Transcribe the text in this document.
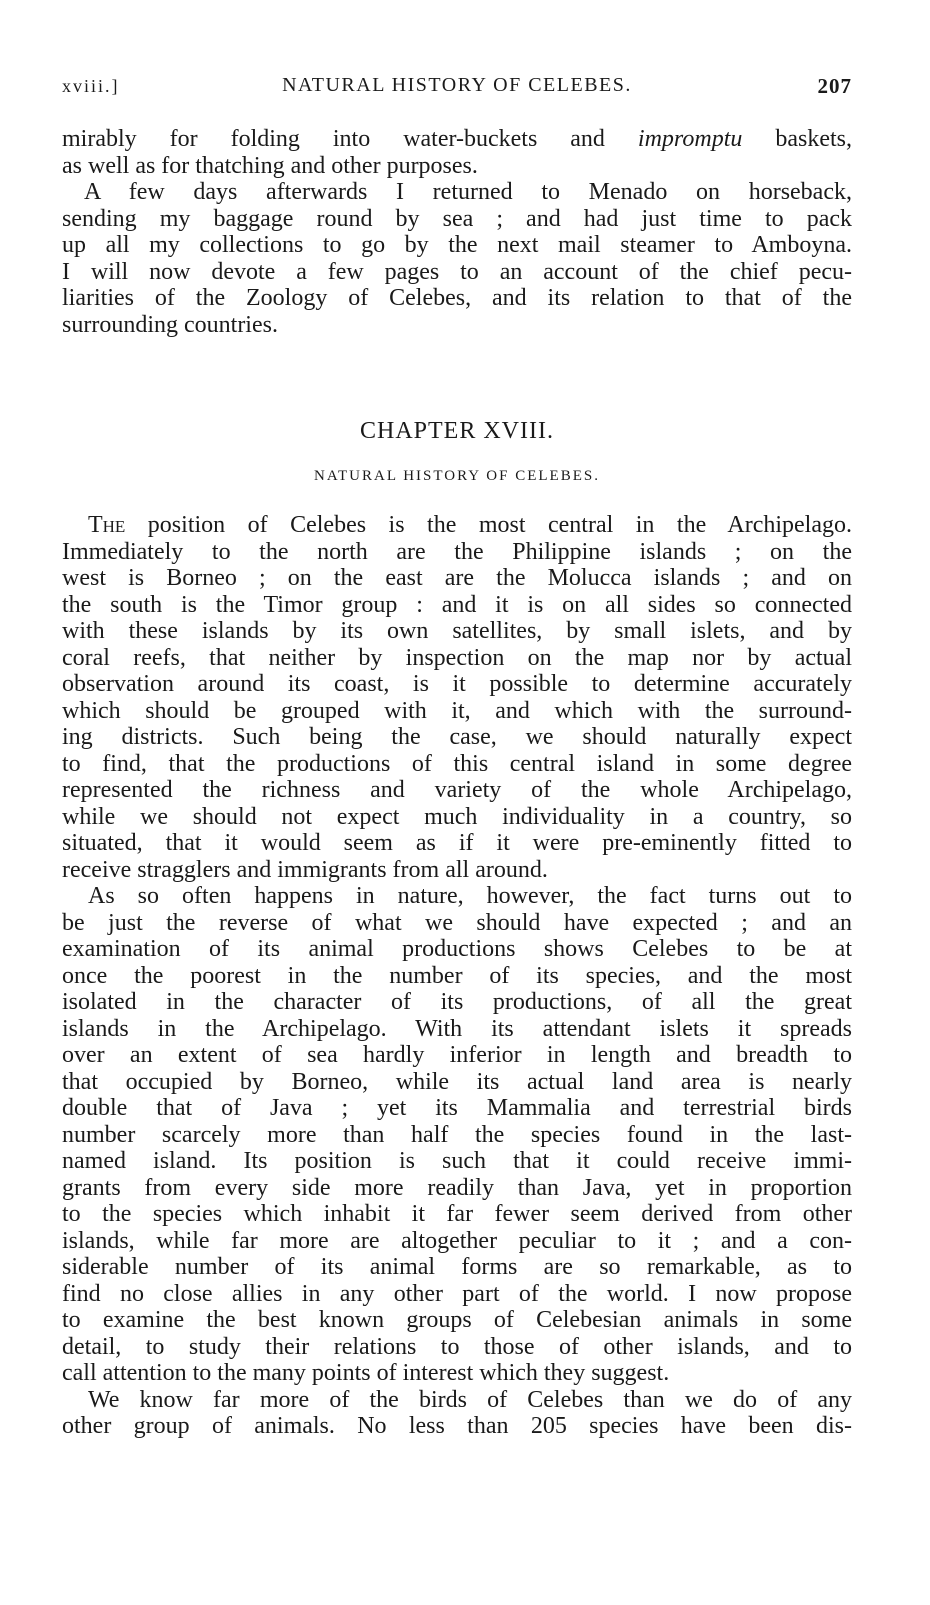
xviii.]	NATURAL HISTORY OF CELEBES.	207
mirably for folding into water-buckets and impromptu baskets,
as well as for thatching and other purposes.
A few days afterwards I returned to Menado on horseback,
sending my baggage round by sea ; and had just time to pack
up all my collections to go by the next mail steamer to Amboyna.
I will now devote a few pages to an account of the chief pecu-
liarities of the Zoology of Celebes, and its relation to that of the
surrounding countries.
CHAPTER XVIII.
NATURAL HISTORY OF CELEBES.
The position of Celebes is the most central in the Archipelago.
Immediately to the north are the Philippine islands ; on the
west is Borneo ; on the east are the Molucca islands ; and on
the south is the Timor group : and it is on all sides so connected
with these islands by its own satellites, by small islets, and by
coral reefs, that neither by inspection on the map nor by actual
observation around its coast, is it possible to determine accurately
which should be grouped with it, and which with the surround-
ing districts. Such being the case, we should naturally expect
to find, that the productions of this central island in some degree
represented the richness and variety of the whole Archipelago,
while we should not expect much individuality in a country, so
situated, that it would seem as if it were pre-eminently fitted to
receive stragglers and immigrants from all around.
As so often happens in nature, however, the fact turns out to
be just the reverse of what we should have expected ; and an
examination of its animal productions shows Celebes to be at
once the poorest in the number of its species, and the most
isolated in the character of its productions, of all the great
islands in the Archipelago. With its attendant islets it spreads
over an extent of sea hardly inferior in length and breadth to
that occupied by Borneo, while its actual land area is nearly
double that of Java ; yet its Mammalia and terrestrial birds
number scarcely more than half the species found in the last-
named island. Its position is such that it could receive immi-
grants from every side more readily than Java, yet in proportion
to the species which inhabit it far fewer seem derived from other
islands, while far more are altogether peculiar to it ; and a con-
siderable number of its animal forms are so remarkable, as to
find no close allies in any other part of the world. I now propose
to examine the best known groups of Celebesian animals in some
detail, to study their relations to those of other islands, and to
call attention to the many points of interest which they suggest.
We know far more of the birds of Celebes than we do of any
other group of animals. No less than 205 species have been dis-
